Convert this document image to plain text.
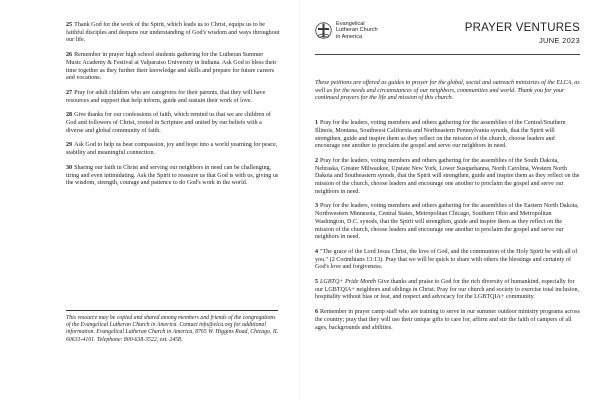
25 Thank God for the work of the Spirit, which leads us to Christ, equips us to be faithful disciples and deepens our understanding of God's wisdom and ways throughout our life.

26 Remember in prayer high school students gathering for the Lutheran Summer Music Academy & Festival at Valparaiso University in Indiana. Ask God to bless their time together as they further their knowledge and skills and prepare for future careers and vocations.

27 Pray for adult children who are caregivers for their parents, that they will have resources and support that help inform, guide and sustain their work of love.

28 Give thanks for our confessions of faith, which remind us that we are children of God and followers of Christ, rooted in Scripture and united by our beliefs with a diverse and global community of faith.

29 Ask God to help us bear compassion, joy and hope into a world yearning for peace, stability and meaningful connection.

30 Sharing our faith in Christ and serving our neighbors in need can be challenging, tiring and even intimidating. Ask the Spirit to reassure us that God is with us, giving us the wisdom, strength, courage and patience to do God's work in the world.

This resource may be copied and shared among members and friends of the congregations of the Evangelical Lutheran Church in America. Contact info@elca.org for additional information. Evangelical Lutheran Church in America, 8765 W. Higgins Road, Chicago, IL 60631-4101. Telephone: 800-638-3522, ext. 2458.

Evangelical
Lutheran Church
in America
PRAYER VENTURES
JUNE 2023

These petitions are offered as guides to prayer for the global, social and outreach ministries of the ELCA, as well as for the needs and circumstances of our neighbors, communities and world. Thank you for your continued prayers for the life and mission of this church.

1 Pray for the leaders, voting members and others gathering for the assemblies of the Central/Southern Illinois, Montana, Southwest California and Northeastern Pennsylvania synods, that the Spirit will strengthen, guide and inspire them as they reflect on the mission of the church, choose leaders and encourage one another to proclaim the gospel and serve our neighbors in need.

2 Pray for the leaders, voting members and others gathering for the assemblies of the South Dakota, Nebraska, Greater Milwaukee, Upstate New York, Lower Susquehanna, North Carolina, Western North Dakota and Southeastern synods, that the Spirit will strengthen, guide and inspire them as they reflect on the mission of the church, choose leaders and encourage one another to proclaim the gospel and serve our neighbors in need.

3 Pray for the leaders, voting members and others gathering for the assemblies of the Eastern North Dakota, Northwestern Minnesota, Central States, Metropolitan Chicago, Southern Ohio and Metropolitan Washington, D.C. synods, that the Spirit will strengthen, guide and inspire them as they reflect on the mission of the church, choose leaders and encourage one another to proclaim the gospel and serve our neighbors in need.

4 "The grace of the Lord Jesus Christ, the love of God, and the communion of the Holy Spirit be with all of you." (2 Corinthians 13:13). Pray that we will be quick to share with others the blessings and certainty of God's love and forgiveness.

5 LGBTQ+ Pride Month Give thanks and praise to God for the rich diversity of humankind, especially for our LGBTQIA+ neighbors and siblings in Christ. Pray for our church and society to exercise total inclusion, hospitality without bias or fear, and respect and advocacy for the LGBTQIA+ community.

6 Remember in prayer camp staff who are training to serve in our summer outdoor ministry programs across the country; pray that they will use their unique gifts to care for, affirm and stir the faith of campers of all ages, backgrounds and abilities.
